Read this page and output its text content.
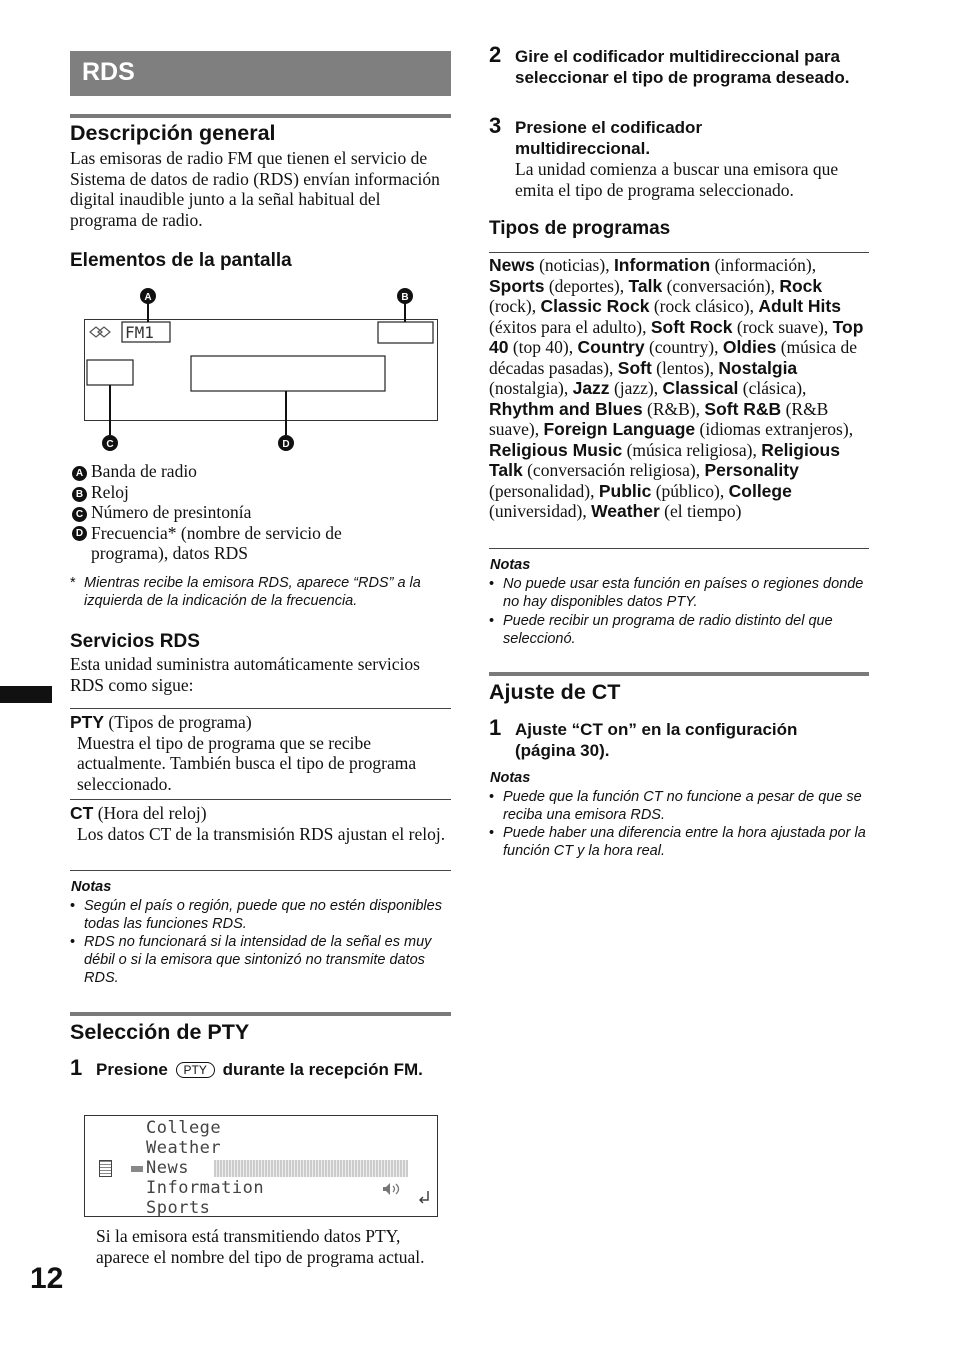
RDS
Descripción general
Las emisoras de radio FM que tienen el servicio de Sistema de datos de radio (RDS) envían información digital inaudible junto a la señal habitual del programa de radio.
Elementos de la pantalla
FM1
A	B
C	D
A Banda de radio
B Reloj
C Número de presintonía
D Frecuencia* (nombre de servicio de programa), datos RDS
* Mientras recibe la emisora RDS, aparece “RDS” a la izquierda de la indicación de la frecuencia.
Servicios RDS
Esta unidad suministra automáticamente servicios RDS como sigue:
PTY (Tipos de programa)
Muestra el tipo de programa que se recibe actualmente. También busca el tipo de programa seleccionado.
CT (Hora del reloj)
Los datos CT de la transmisión RDS ajustan el reloj.
Notas
• Según el país o región, puede que no estén disponibles todas las funciones RDS.
• RDS no funcionará si la intensidad de la señal es muy débil o si la emisora que sintonizó no transmite datos RDS.
Selección de PTY
1 Presione PTY durante la recepción FM.
College
Weather
News
Information
Sports
Si la emisora está transmitiendo datos PTY, aparece el nombre del tipo de programa actual.
12
2 Gire el codificador multidireccional para seleccionar el tipo de programa deseado.
3 Presione el codificador multidireccional.
La unidad comienza a buscar una emisora que emita el tipo de programa seleccionado.
Tipos de programas
News (noticias), Information (información), Sports (deportes), Talk (conversación), Rock (rock), Classic Rock (rock clásico), Adult Hits (éxitos para el adulto), Soft Rock (rock suave), Top 40 (top 40), Country (country), Oldies (música de décadas pasadas), Soft (lentos), Nostalgia (nostalgia), Jazz (jazz), Classical (clásica), Rhythm and Blues (R&B), Soft R&B (R&B suave), Foreign Language (idiomas extranjeros), Religious Music (música religiosa), Religious Talk (conversación religiosa), Personality (personalidad), Public (público), College (universidad), Weather (el tiempo)
Notas
• No puede usar esta función en países o regiones donde no hay disponibles datos PTY.
• Puede recibir un programa de radio distinto del que seleccionó.
Ajuste de CT
1 Ajuste “CT on” en la configuración (página 30).
Notas
• Puede que la función CT no funcione a pesar de que se reciba una emisora RDS.
• Puede haber una diferencia entre la hora ajustada por la función CT y la hora real.
